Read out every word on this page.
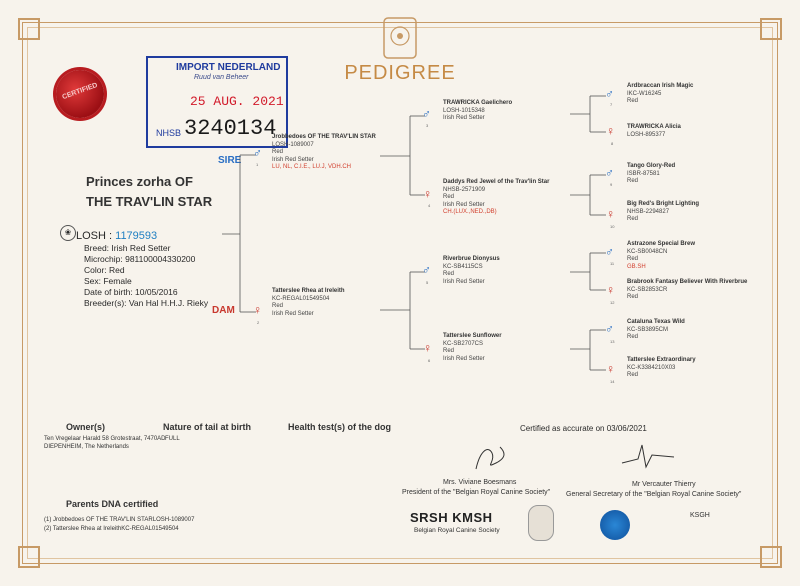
PEDIGREE
CERTIFIED
IMPORT NEDERLAND
Ruud van Beheer
25 AUG. 2021
NHSB 3240134
Princes zorha OF THE TRAV'LIN STAR
❀ LOSH : 1179593
Breed: Irish Red Setter
Microchip: 981100004330200
Color: Red
Sex: Female
Date of birth: 10/05/2016
Breeder(s): Van Hal H.H.J. Rieky
SIRE
DAM
♂
1
Jrobbedoes OF THE TRAV'LIN STAR
LOSH-1089007
Red
Irish Red Setter
LU, NL, C.I.E., LU.J, VDH.CH
♀
2
Tatterslee Rhea at Ireleith
KC-REGAL01549504
Red
Irish Red Setter
♂
3
TRAWRICKA Gaelichero
LOSH-1015348
Irish Red Setter
♀
4
Daddys Red Jewel of the Trav'lin Star
NHSB-2571909
Red
Irish Red Setter
CH.(LUX.,NED.,DB)
♂
5
Riverbrue Dionysus
KC-SB4115CS
Red
Irish Red Setter
♀
6
Tatterslee Sunflower
KC-SB2707CS
Red
Irish Red Setter
♂
7
Ardbraccan Irish Magic
IKC-W16245
Red
♀
8
TRAWRICKA Alicia
LOSH-895377
♂
9
Tango Glory-Red
ISBR-87581
Red
♀
10
Big Red's Bright Lighting
NHSB-2294827
Red
♂
11
Astrazone Special Brew
KC-SB0048CN
Red
GB.SH
♀
12
Brabrook Fantasy Believer With Riverbrue
KC-SB2853CR
Red
♂
13
Cataluna Texas Wild
KC-SB3895CM
Red
♀
14
Tatterslee Extraordinary
KC-K3384210X03
Red
Owner(s)
Ten Vregelaar Harald 58 Grotestraat, 7470AD DIEPENHEIM, The Netherlands
Nature of tail at birth
FULL
Health test(s) of the dog	Certified as accurate on 03/06/2021
Mrs. Viviane Boesmans
President of the "Belgian Royal Canine Society"
Mr Vercauter Thierry
General Secretary of the "Belgian Royal Canine Society"
Parents DNA certified
(1) Jrobbedoes OF THE TRAV'LIN STARLOSH-1089007
(2) Tatterslee Rhea at IreleithKC-REGAL01549504
SRSH KMSH
Belgian Royal Canine Society
KSGH
